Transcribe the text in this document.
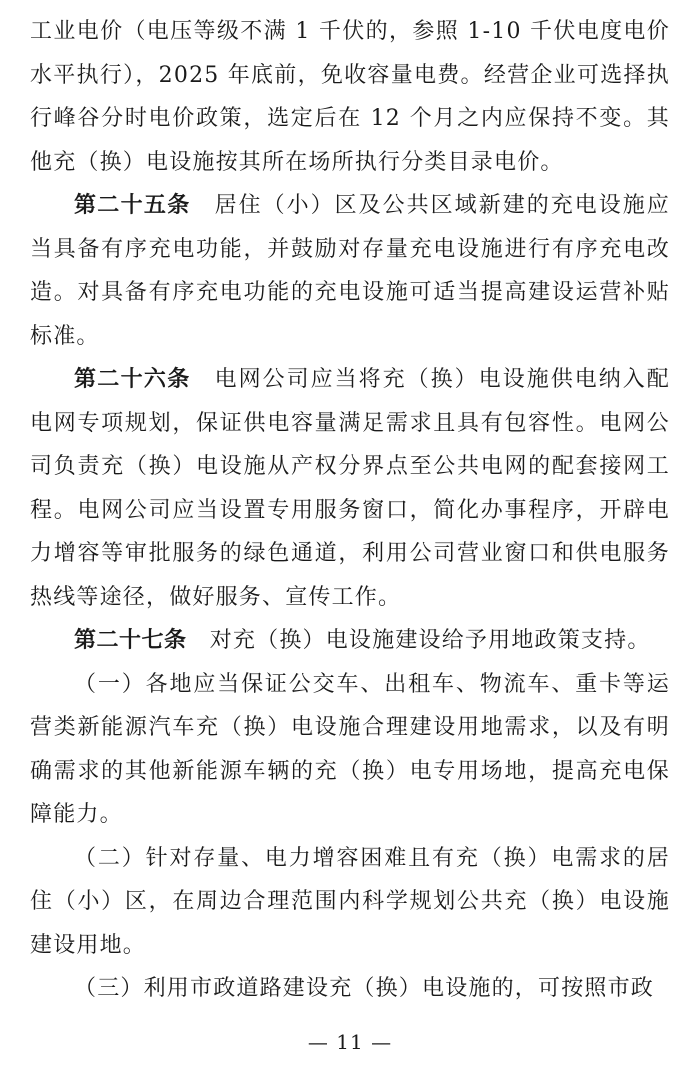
工业电价（电压等级不满 1 千伏的，参照 1-10 千伏电度电价水平执行），2025 年底前，免收容量电费。经营企业可选择执行峰谷分时电价政策，选定后在 12 个月之内应保持不变。其他充（换）电设施按其所在场所执行分类目录电价。

第二十五条　居住（小）区及公共区域新建的充电设施应当具备有序充电功能，并鼓励对存量充电设施进行有序充电改造。对具备有序充电功能的充电设施可适当提高建设运营补贴标准。

第二十六条　电网公司应当将充（换）电设施供电纳入配电网专项规划，保证供电容量满足需求且具有包容性。电网公司负责充（换）电设施从产权分界点至公共电网的配套接网工程。电网公司应当设置专用服务窗口，简化办事程序，开辟电力增容等审批服务的绿色通道，利用公司营业窗口和供电服务热线等途径，做好服务、宣传工作。

第二十七条　对充（换）电设施建设给予用地政策支持。

（一）各地应当保证公交车、出租车、物流车、重卡等运营类新能源汽车充（换）电设施合理建设用地需求，以及有明确需求的其他新能源车辆的充（换）电专用场地，提高充电保障能力。

（二）针对存量、电力增容困难且有充（换）电需求的居住（小）区，在周边合理范围内科学规划公共充（换）电设施建设用地。

（三）利用市政道路建设充（换）电设施的，可按照市政

— 11 —
